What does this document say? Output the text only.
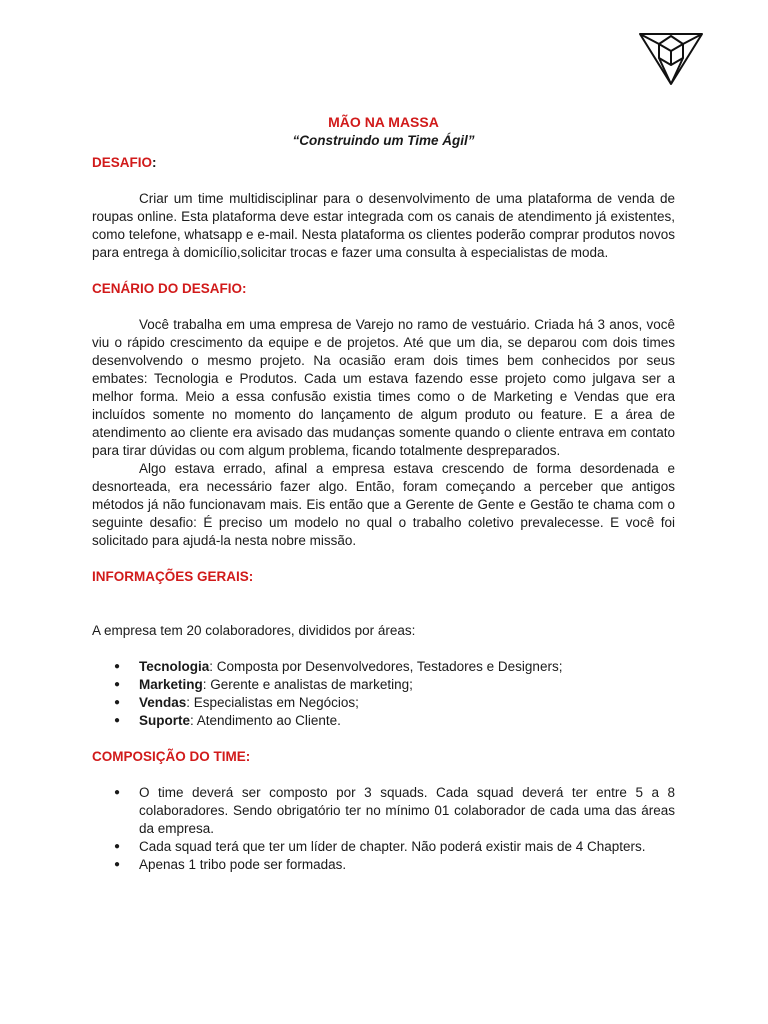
MÃO NA MASSA
“Construindo um Time Ágil”
DESAFIO:

Criar um time multidisciplinar para o desenvolvimento de uma plataforma de venda de roupas online. Esta plataforma deve estar integrada com os canais de atendimento já existentes, como telefone, whatsapp e e-mail. Nesta plataforma os clientes poderão comprar produtos novos para entrega à domicílio,solicitar trocas e fazer uma consulta à especialistas de moda.

CENÁRIO DO DESAFIO:

Você trabalha em uma empresa de Varejo no ramo de vestuário. Criada há 3 anos, você viu o rápido crescimento da equipe e de projetos. Até que um dia, se deparou com dois times desenvolvendo o mesmo projeto. Na ocasião eram dois times bem conhecidos por seus embates: Tecnologia e Produtos. Cada um estava fazendo esse projeto como julgava ser a melhor forma. Meio a essa confusão existia times como o de Marketing e Vendas que era incluídos somente no momento do lançamento de algum produto ou feature. E a área de atendimento ao cliente era avisado das mudanças somente quando o cliente entrava em contato para tirar dúvidas ou com algum problema, ficando totalmente despreparados.

Algo estava errado, afinal a empresa estava crescendo de forma desordenada e desnorteada, era necessário fazer algo. Então, foram começando a perceber que antigos métodos já não funcionavam mais. Eis então que a Gerente de Gente e Gestão te chama com o seguinte desafio: É preciso um modelo no qual o trabalho coletivo prevalecesse. E você foi solicitado para ajudá-la nesta nobre missão.

INFORMAÇÕES GERAIS:

A empresa tem 20 colaboradores, divididos por áreas:

● Tecnologia: Composta por Desenvolvedores, Testadores e Designers;
● Marketing: Gerente e analistas de marketing;
● Vendas: Especialistas em Negócios;
● Suporte: Atendimento ao Cliente.
COMPOSIÇÃO DO TIME:
● O time deverá ser composto por 3 squads. Cada squad deverá ter entre 5 a 8 colaboradores. Sendo obrigatório ter no mínimo 01 colaborador de cada uma das áreas da empresa.
● Cada squad terá que ter um líder de chapter. Não poderá existir mais de 4 Chapters.
● Apenas 1 tribo pode ser formadas.
